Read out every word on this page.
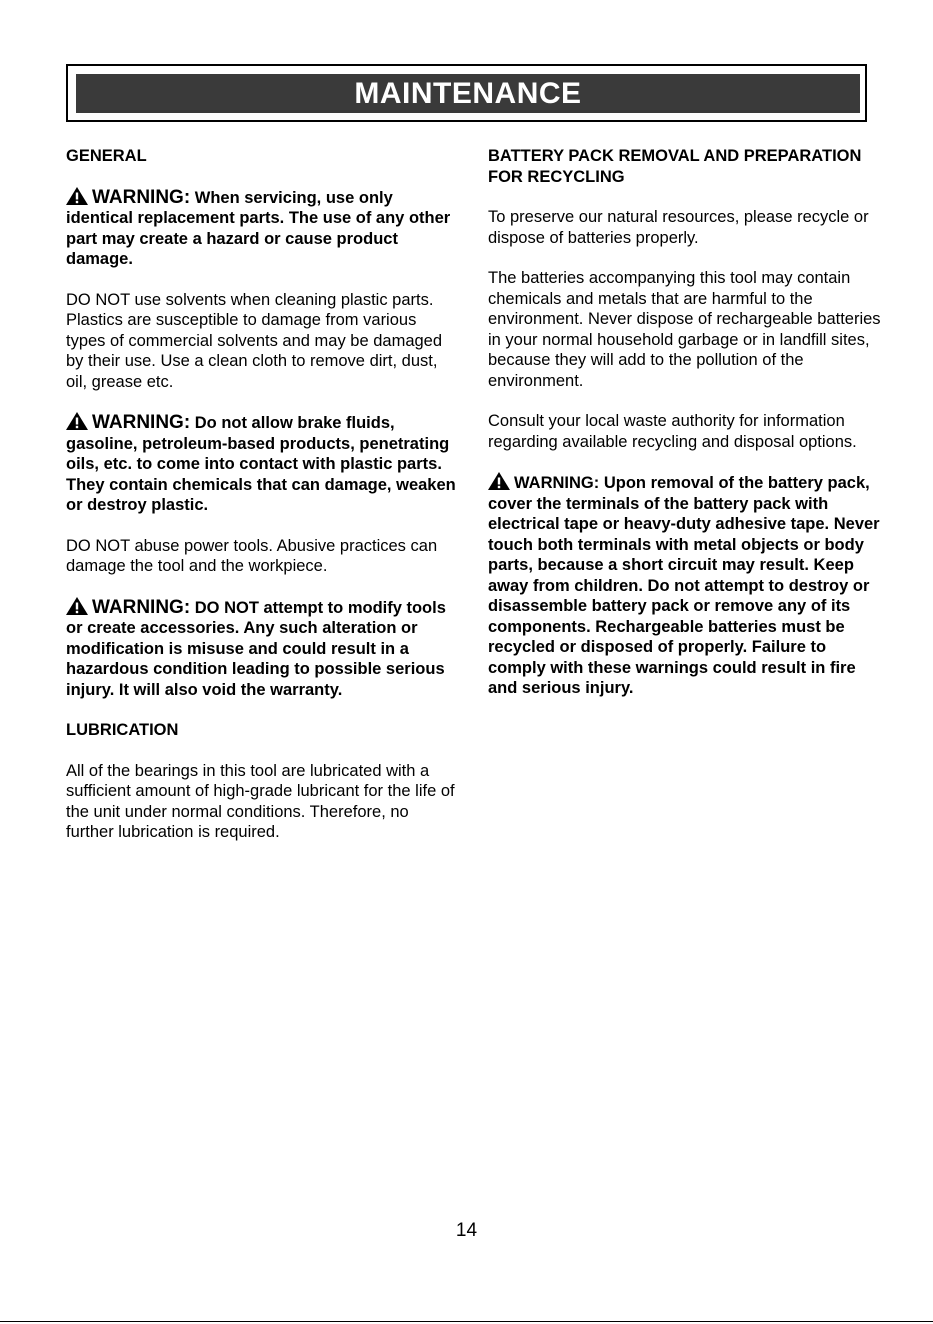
MAINTENANCE

GENERAL

WARNING: When servicing, use only identical replacement parts. The use of any other part may create a hazard or cause product damage.

DO NOT use solvents when cleaning plastic parts. Plastics are susceptible to damage from various types of commercial solvents and may be damaged by their use. Use a clean cloth to remove dirt, dust, oil, grease etc.

WARNING: Do not allow brake fluids, gasoline, petroleum-based products, penetrating oils, etc. to come into contact with plastic parts. They contain chemicals that can damage, weaken or destroy plastic.

DO NOT abuse power tools. Abusive practices can damage the tool and the workpiece.

WARNING: DO NOT attempt to modify tools or create accessories. Any such alteration or modification is misuse and could result in a hazardous condition leading to possible serious injury. It will also void the warranty.

LUBRICATION

All of the bearings in this tool are lubricated with a sufficient amount of high-grade lubricant for the life of the unit under normal conditions. Therefore, no further lubrication is required.

BATTERY PACK REMOVAL AND PREPARATION FOR RECYCLING

To preserve our natural resources, please recycle or dispose of batteries properly.

The batteries accompanying this tool may contain chemicals and metals that are harmful to the environment. Never dispose of rechargeable batteries in your normal household garbage or in landfill sites, because they will add to the pollution of the environment.

Consult your local waste authority for information regarding available recycling and disposal options.

WARNING: Upon removal of the battery pack, cover the terminals of the battery pack with electrical tape or heavy-duty adhesive tape. Never touch both terminals with metal objects or body parts, because a short circuit may result. Keep away from children. Do not attempt to destroy or disassemble battery pack or remove any of its components. Rechargeable batteries must be recycled or disposed of properly. Failure to comply with these warnings could result in fire and serious injury.

14
